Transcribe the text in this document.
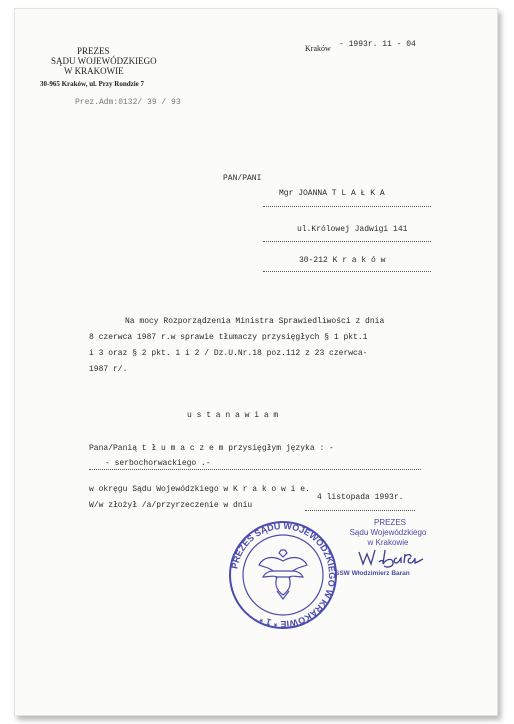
PREZES
SĄDU WOJEWÓDZKIEGO
W KRAKOWIE
30-965 Kraków, ul. Przy Rondzie 7
Prez.Adm:0132/ 39 / 93
Kraków - 1993r. 11 - 04
PAN/PANI
Mgr JOANNA T L A Ł K A
ul.Królowej Jadwigi 141
30-212 K r a k ó w
Na mocy Rozporządzenia Ministra Sprawiedliwości z dnia
8 czerwca 1987 r.w sprawie tłumaczy przysięgłych § 1 pkt.1
i 3 oraz § 2 pkt. 1 i 2 / Dz.U.Nr.18 poz.112 z 23 czerwca-
1987 r/.
u s t a n a w i a m
Pana/Panią t ł u m a c z e m przysięgłym języka : -
- serbochorwackiego .-
w okręgu Sądu Wojewódzkiego w K r a k o w i e.
W/w złożył /a/przyrzeczenie w dniu
4 listopada 1993r.
PREZES SĄDU WOJEWÓDZKIEGO W KRAKOWIE * 1 *
PREZES
Sądu Wojewódzkiego
w Krakowie
SSW Włodzimierz Baran
